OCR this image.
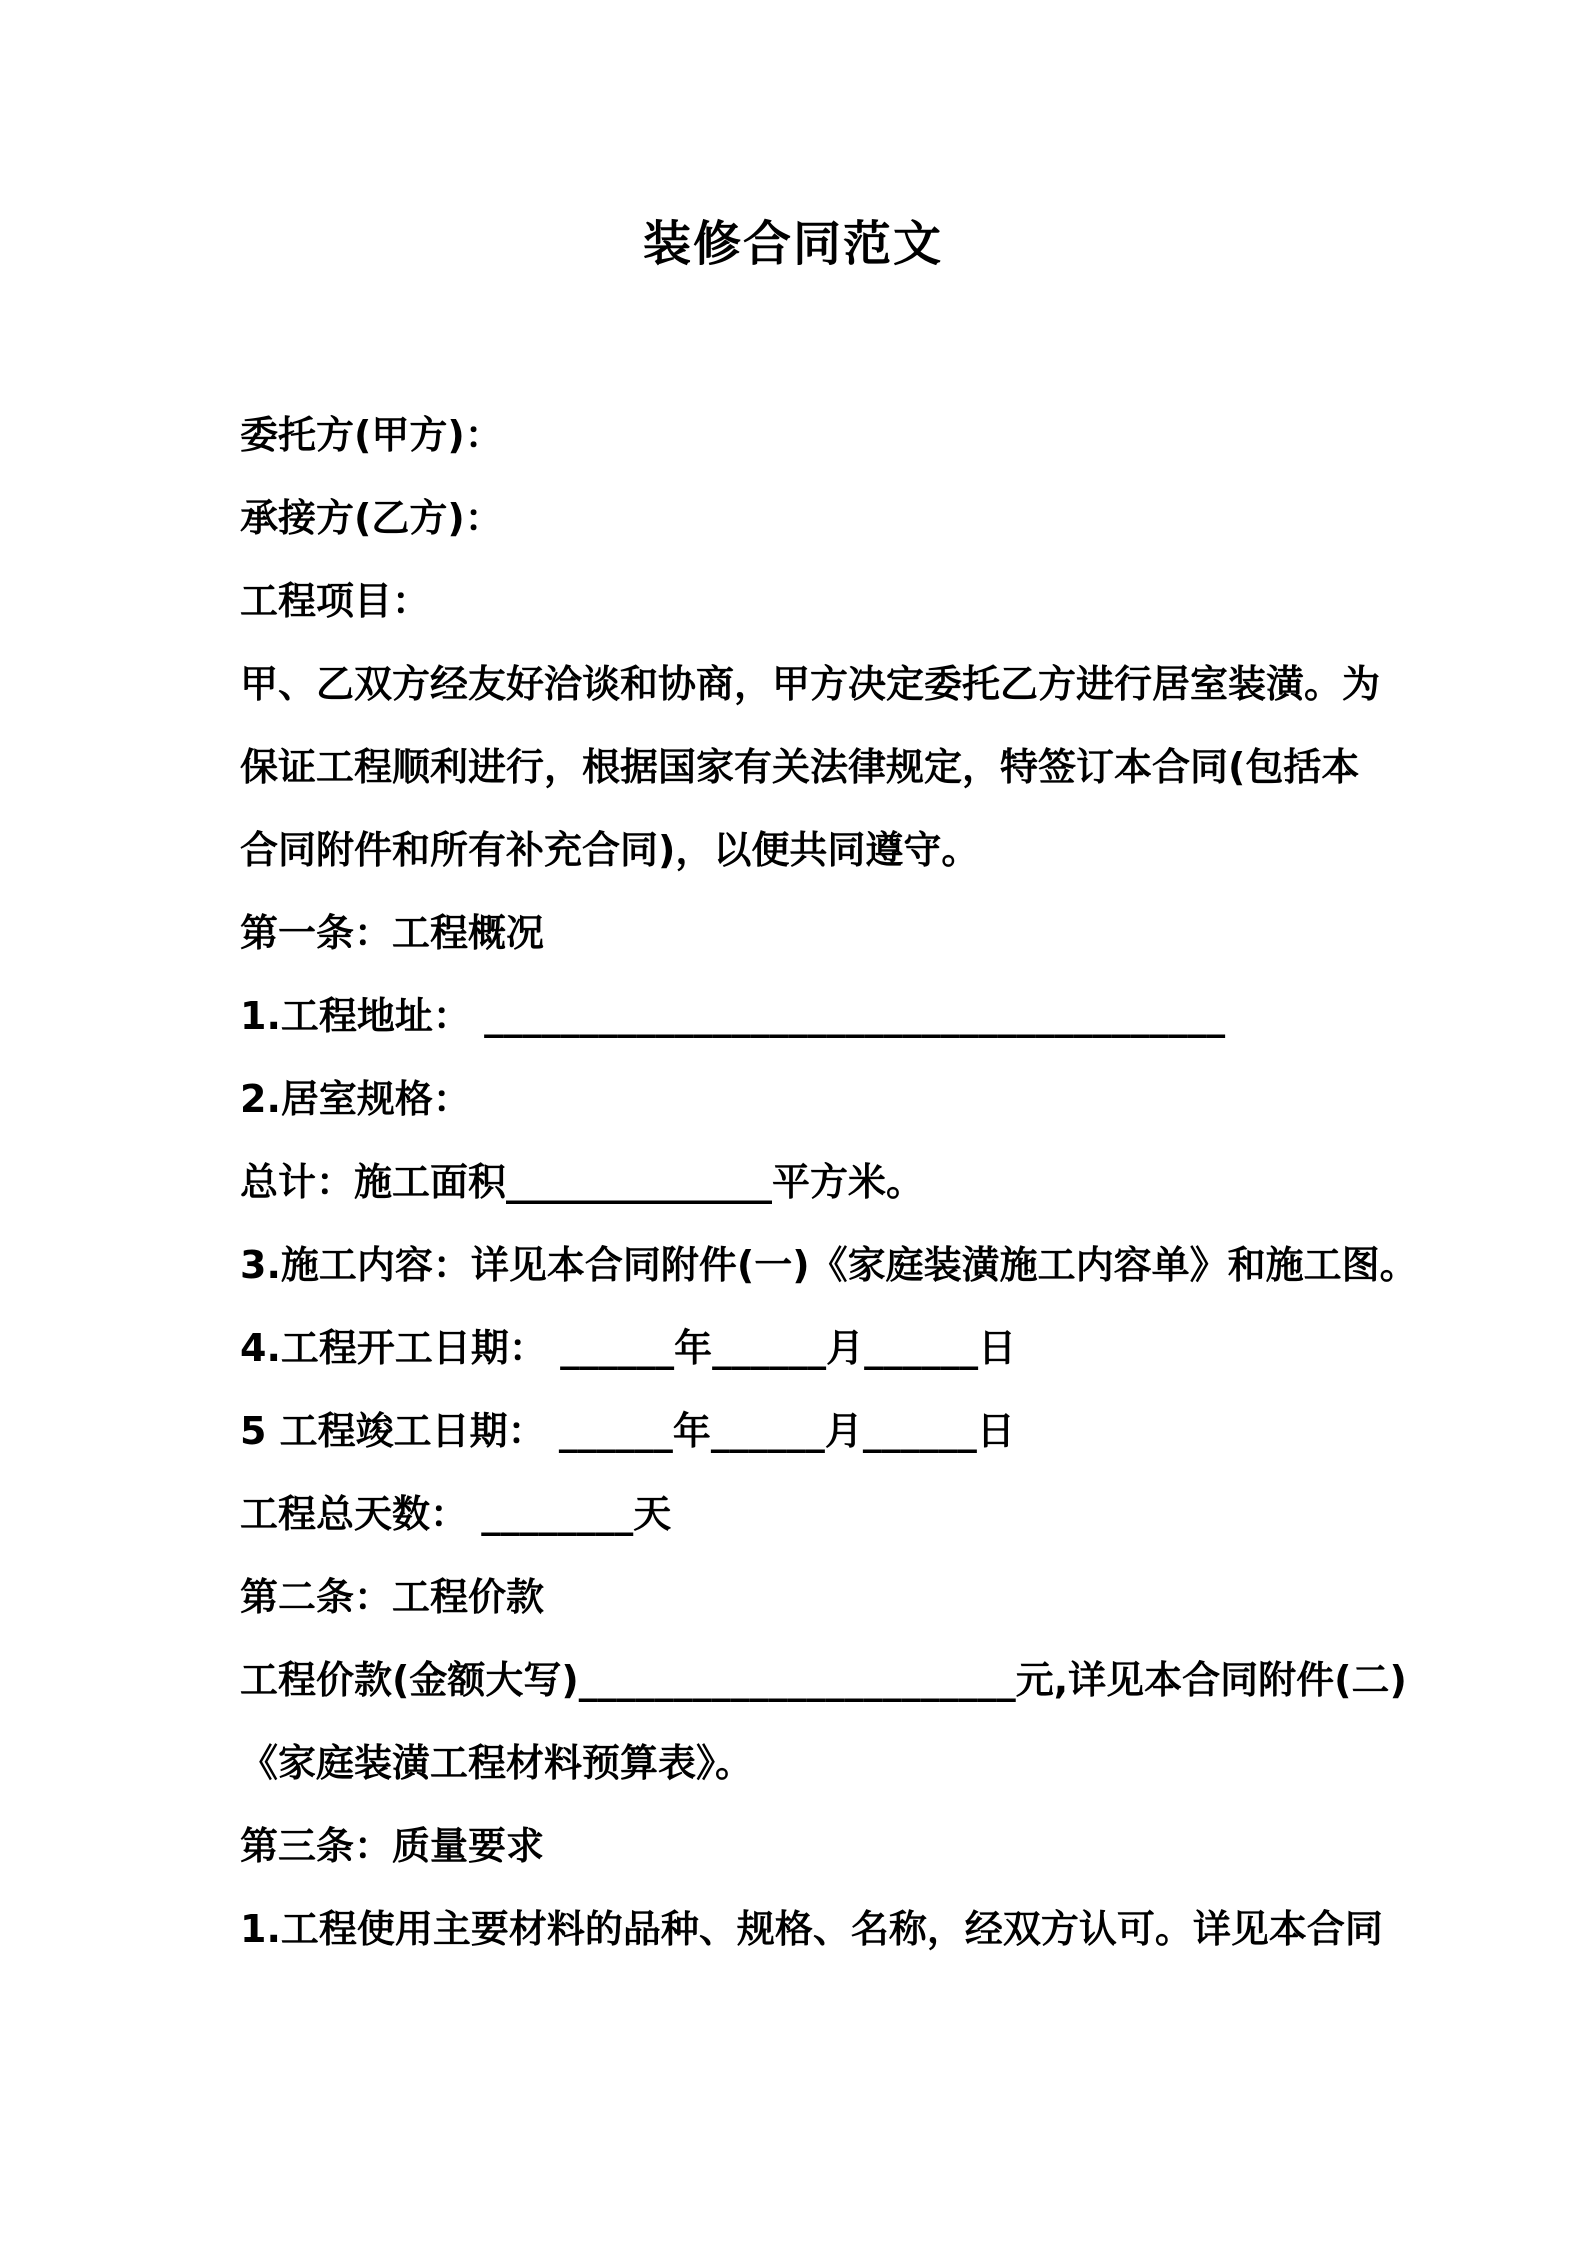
装修合同范文
委托方(甲方)：
承接方(乙方)：
工程项目：
甲、乙双方经友好洽谈和协商，甲方决定委托乙方进行居室装潢。为
保证工程顺利进行，根据国家有关法律规定，特签订本合同(包括本
合同附件和所有补充合同)，以便共同遵守。
第一条：工程概况
1.工程地址： _______________________________________
2.居室规格：
总计：施工面积______________平方米。
3.施工内容：详见本合同附件(一)《家庭装潢施工内容单》和施工图。
4.工程开工日期： ______年______月______日
5 工程竣工日期： ______年______月______日
工程总天数： ________天
第二条：工程价款
工程价款(金额大写)_______________________元,详见本合同附件(二)
《家庭装潢工程材料预算表》。
第三条：质量要求
1.工程使用主要材料的品种、规格、名称，经双方认可。详见本合同
